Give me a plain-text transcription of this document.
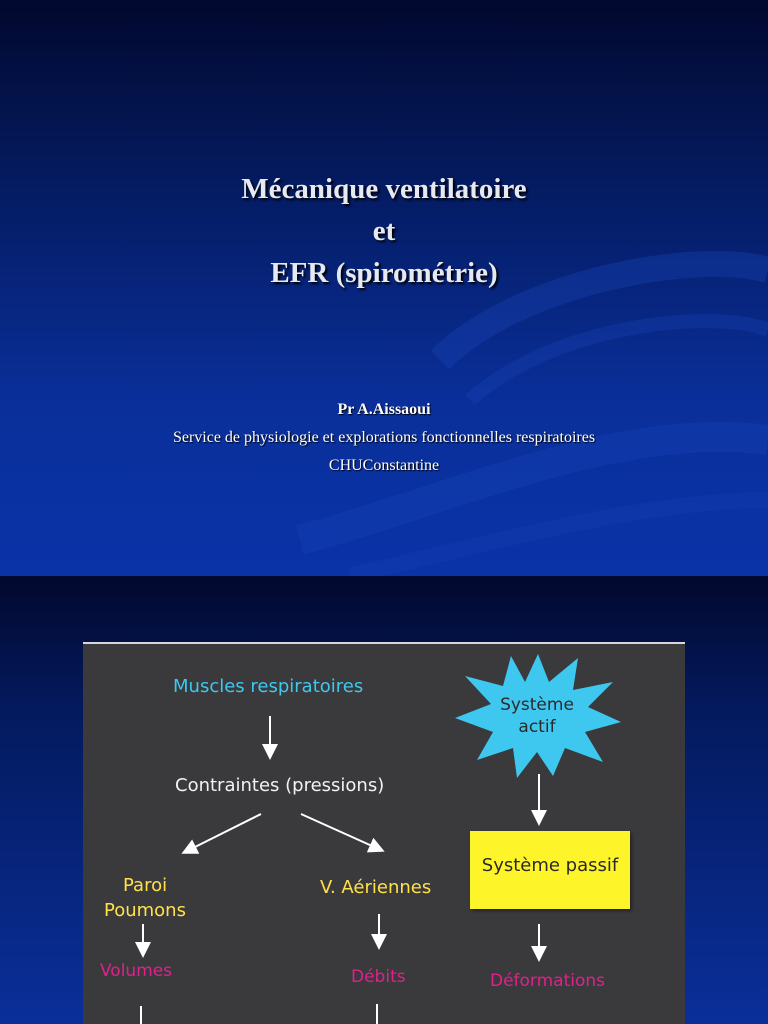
Mécanique ventilatoire
et
EFR (spirométrie)
Pr A.Aissaoui
Service de physiologie et explorations fonctionnelles respiratoires
CHUConstantine
Système
actif
Système passif
Muscles respiratoires
Contraintes (pressions)
Paroi
Poumons
V. Aériennes
Volumes	Débits	Déformations
